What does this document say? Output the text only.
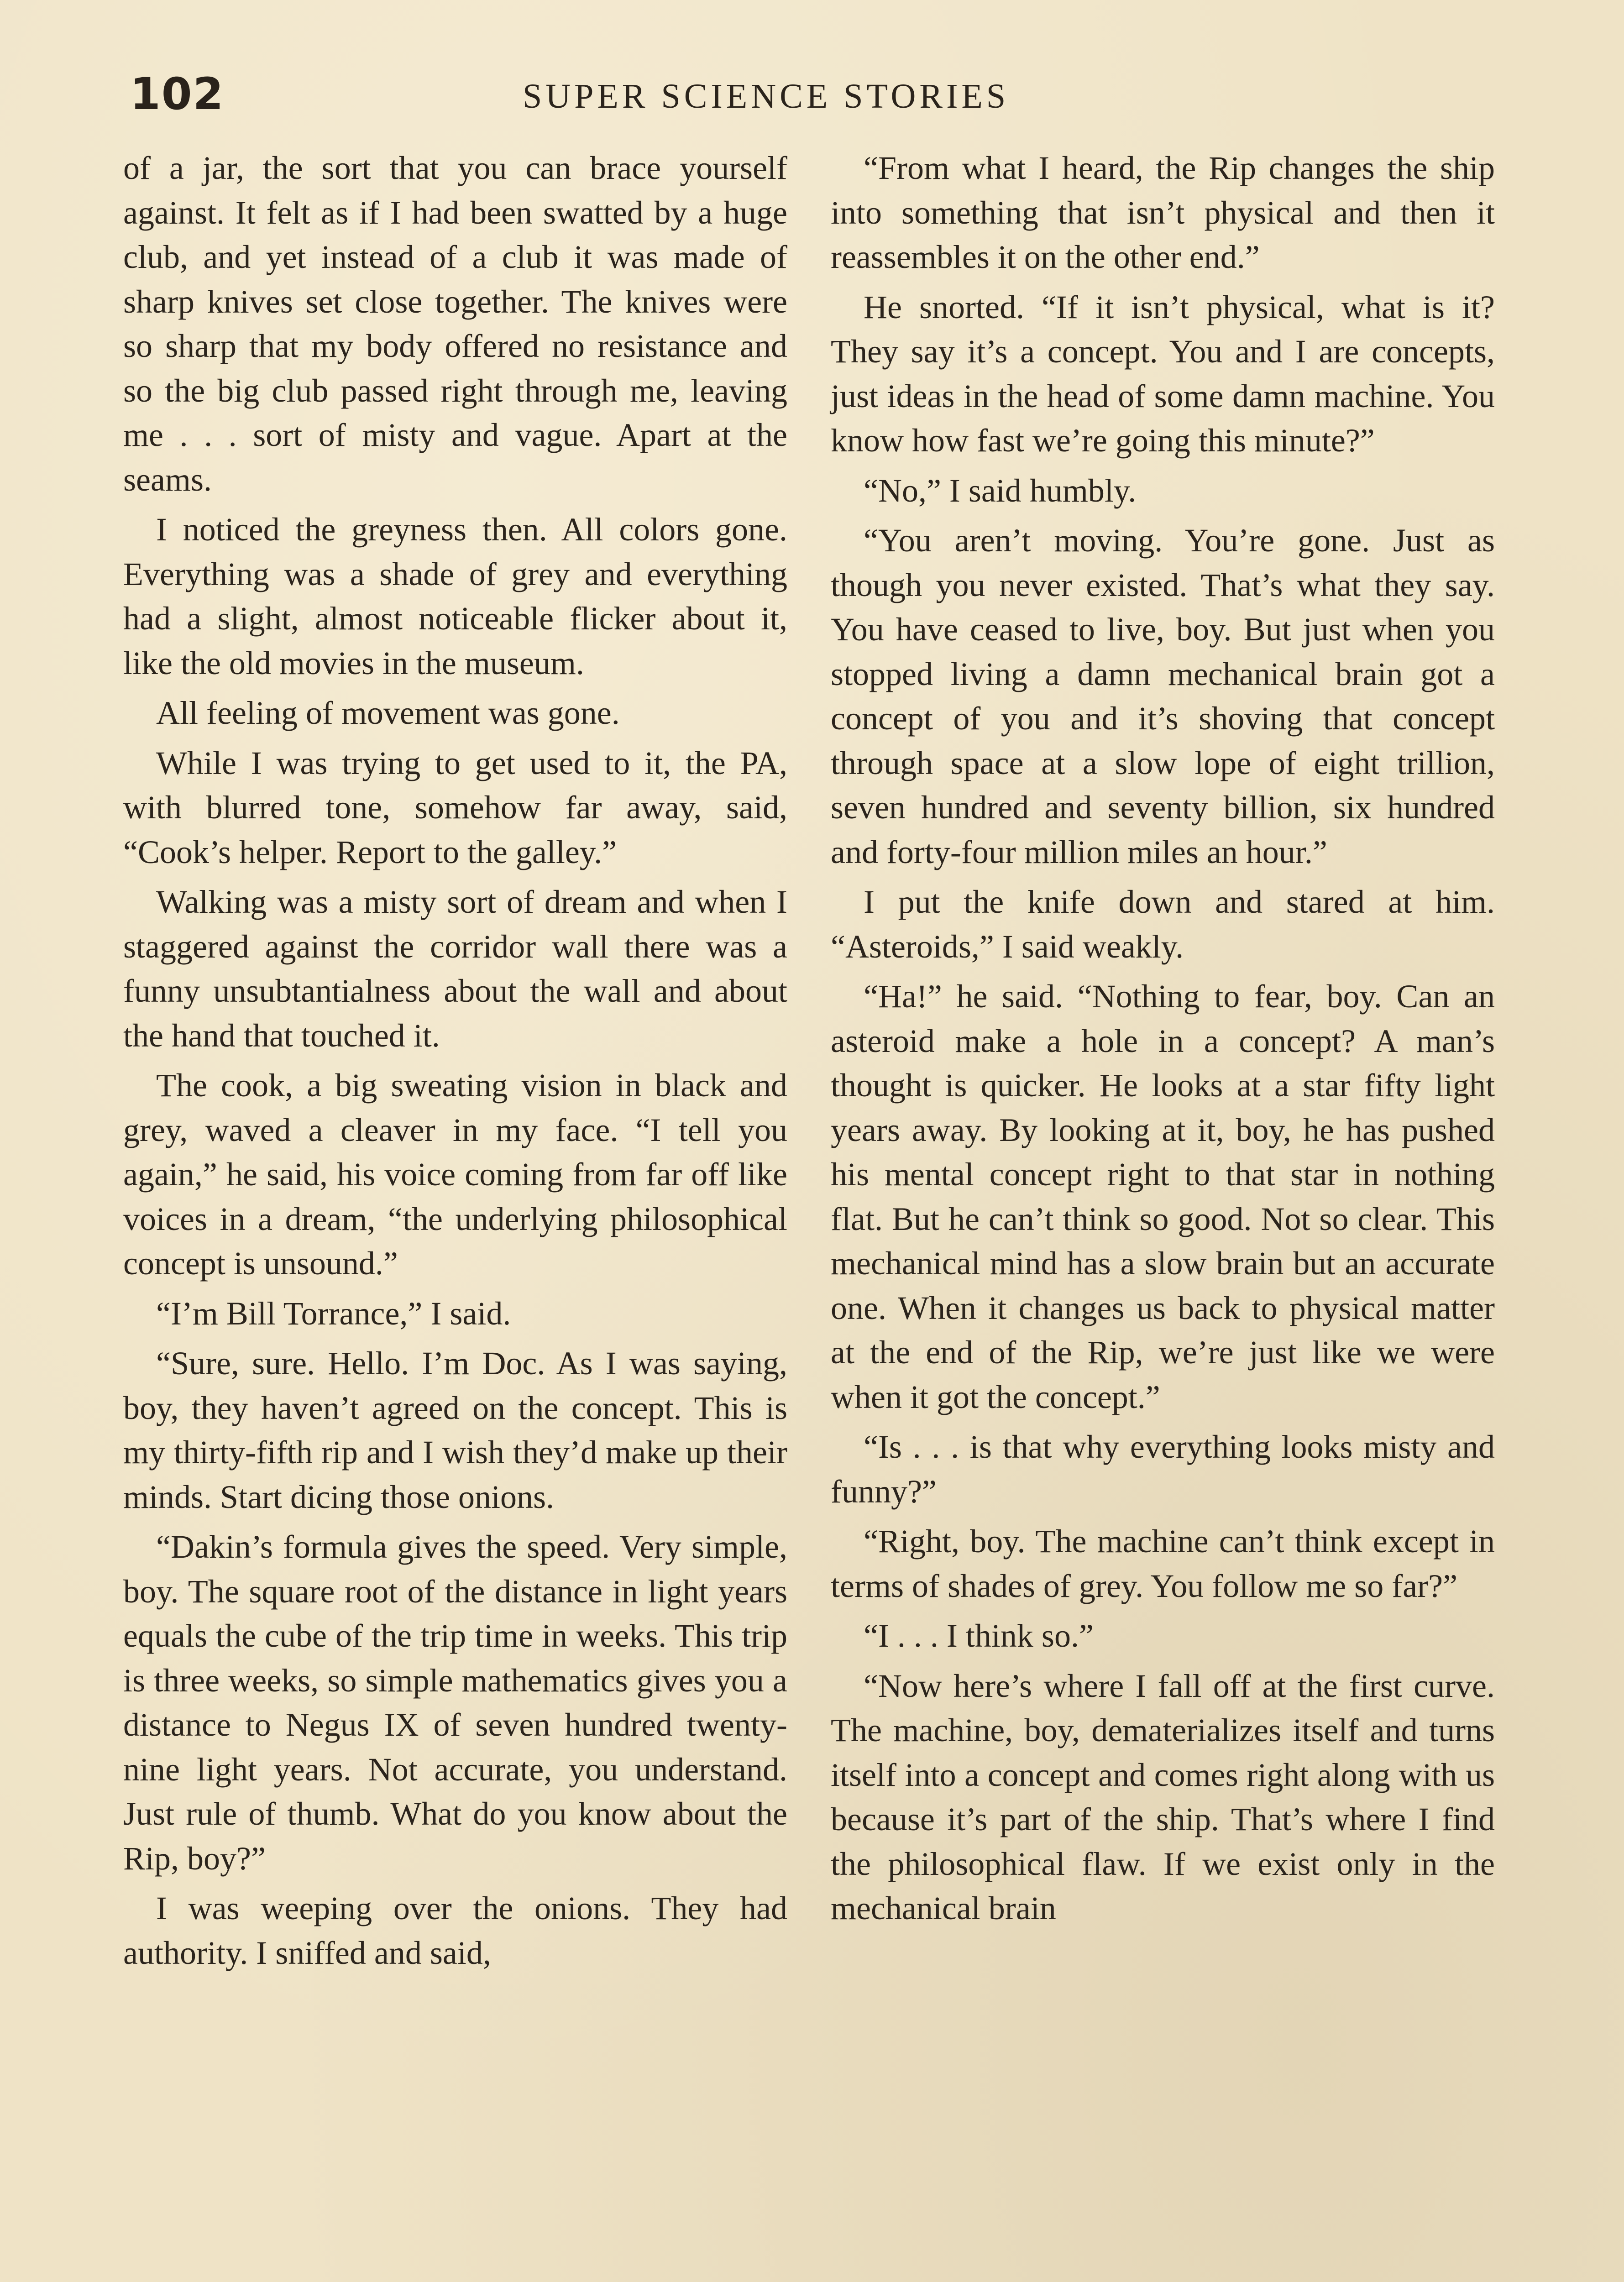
102	SUPER SCIENCE STORIES

of a jar, the sort that you can brace yourself against. It felt as if I had been swatted by a huge club, and yet instead of a club it was made of sharp knives set close together. The knives were so sharp that my body offered no resistance and so the big club passed right through me, leaving me . . . sort of misty and vague. Apart at the seams.

I noticed the greyness then. All colors gone. Everything was a shade of grey and everything had a slight, almost noticeable flicker about it, like the old movies in the museum.

All feeling of movement was gone.

While I was trying to get used to it, the PA, with blurred tone, somehow far away, said, “Cook’s helper. Report to the galley.”

Walking was a misty sort of dream and when I staggered against the corridor wall there was a funny unsubtantialness about the wall and about the hand that touched it.

The cook, a big sweating vision in black and grey, waved a cleaver in my face. “I tell you again,” he said, his voice coming from far off like voices in a dream, “the underlying philosophical concept is unsound.”

“I’m Bill Torrance,” I said.

“Sure, sure. Hello. I’m Doc. As I was saying, boy, they haven’t agreed on the concept. This is my thirty-fifth rip and I wish they’d make up their minds. Start dicing those onions.

“Dakin’s formula gives the speed. Very simple, boy. The square root of the distance in light years equals the cube of the trip time in weeks. This trip is three weeks, so simple mathematics gives you a distance to Negus IX of seven hundred twenty-nine light years. Not accurate, you understand. Just rule of thumb. What do you know about the Rip, boy?”

I was weeping over the onions. They had authority. I sniffed and said,

“From what I heard, the Rip changes the ship into something that isn’t physical and then it reassembles it on the other end.”

He snorted. “If it isn’t physical, what is it? They say it’s a concept. You and I are concepts, just ideas in the head of some damn machine. You know how fast we’re going this minute?”

“No,” I said humbly.

“You aren’t moving. You’re gone. Just as though you never existed. That’s what they say. You have ceased to live, boy. But just when you stopped living a damn mechanical brain got a concept of you and it’s shoving that concept through space at a slow lope of eight trillion, seven hundred and seventy billion, six hundred and forty-four million miles an hour.”

I put the knife down and stared at him. “Asteroids,” I said weakly.

“Ha!” he said. “Nothing to fear, boy. Can an asteroid make a hole in a concept? A man’s thought is quicker. He looks at a star fifty light years away. By looking at it, boy, he has pushed his mental concept right to that star in nothing flat. But he can’t think so good. Not so clear. This mechanical mind has a slow brain but an accurate one. When it changes us back to physical matter at the end of the Rip, we’re just like we were when it got the concept.”

“Is . . . is that why everything looks misty and funny?”

“Right, boy. The machine can’t think except in terms of shades of grey. You follow me so far?”

“I . . . I think so.”

“Now here’s where I fall off at the first curve. The machine, boy, dematerializes itself and turns itself into a concept and comes right along with us because it’s part of the ship. That’s where I find the philosophical flaw. If we exist only in the mechanical brain
